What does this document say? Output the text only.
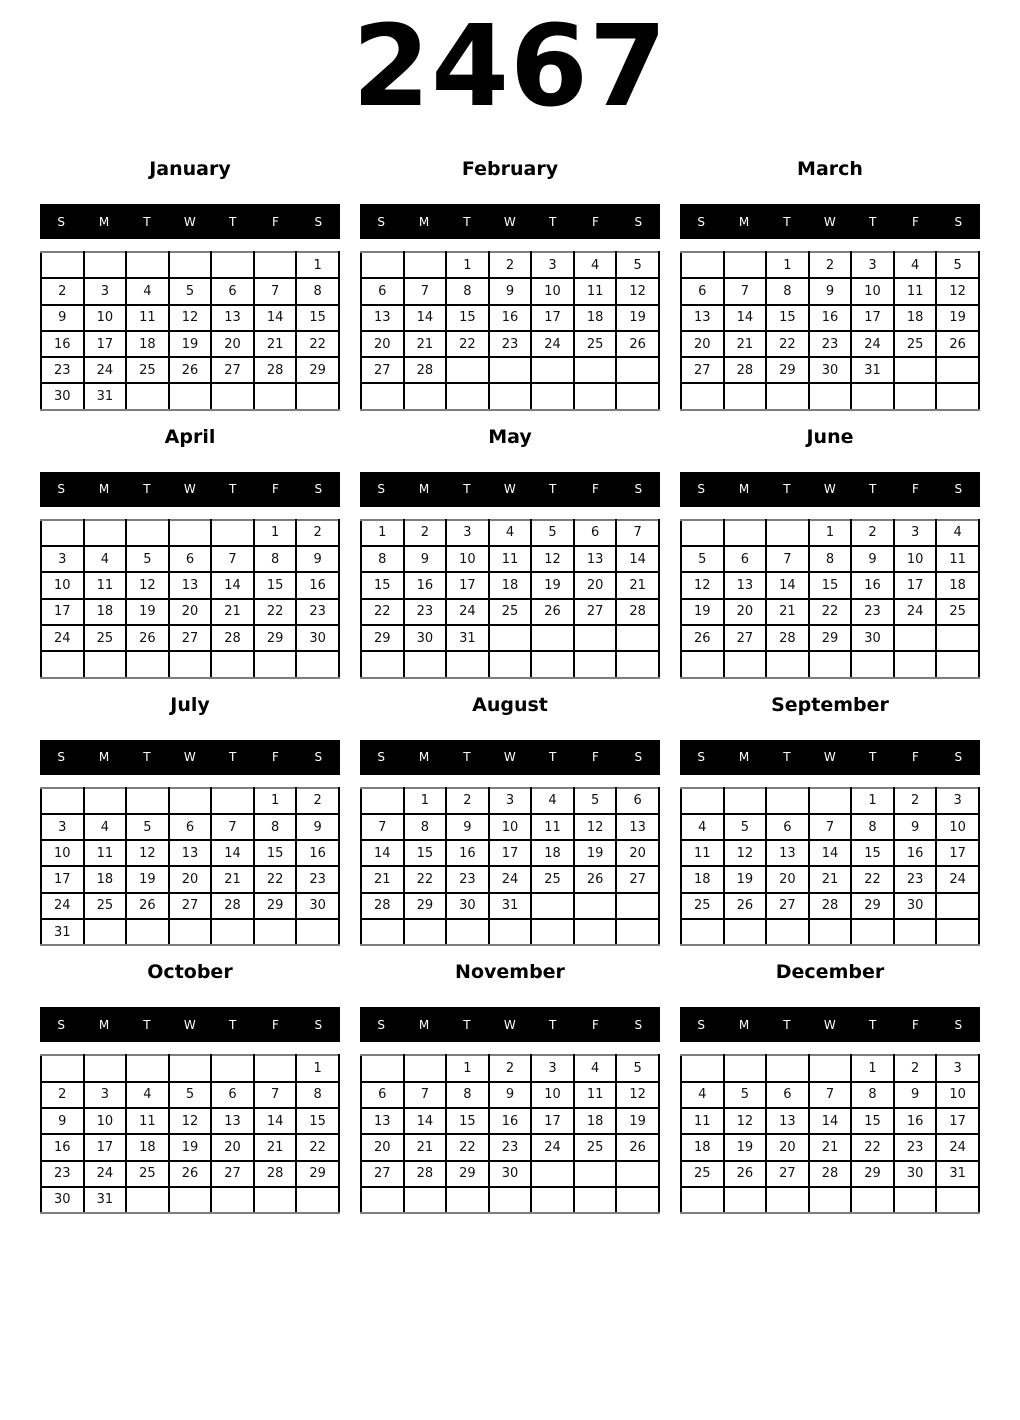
2467
January
S	M	T	W	T	F	S
						1
2	3	4	5	6	7	8
9	10	11	12	13	14	15
16	17	18	19	20	21	22
23	24	25	26	27	28	29
30	31					
February
S	M	T	W	T	F	S
		1	2	3	4	5
6	7	8	9	10	11	12
13	14	15	16	17	18	19
20	21	22	23	24	25	26
27	28					

March
S	M	T	W	T	F	S
		1	2	3	4	5
6	7	8	9	10	11	12
13	14	15	16	17	18	19
20	21	22	23	24	25	26
27	28	29	30	31		

April
S	M	T	W	T	F	S
					1	2
3	4	5	6	7	8	9
10	11	12	13	14	15	16
17	18	19	20	21	22	23
24	25	26	27	28	29	30

May
S	M	T	W	T	F	S
1	2	3	4	5	6	7
8	9	10	11	12	13	14
15	16	17	18	19	20	21
22	23	24	25	26	27	28
29	30	31				

June
S	M	T	W	T	F	S
			1	2	3	4
5	6	7	8	9	10	11
12	13	14	15	16	17	18
19	20	21	22	23	24	25
26	27	28	29	30		

July
S	M	T	W	T	F	S
					1	2
3	4	5	6	7	8	9
10	11	12	13	14	15	16
17	18	19	20	21	22	23
24	25	26	27	28	29	30
31						
August
S	M	T	W	T	F	S
	1	2	3	4	5	6
7	8	9	10	11	12	13
14	15	16	17	18	19	20
21	22	23	24	25	26	27
28	29	30	31			

September
S	M	T	W	T	F	S
				1	2	3
4	5	6	7	8	9	10
11	12	13	14	15	16	17
18	19	20	21	22	23	24
25	26	27	28	29	30	

October
S	M	T	W	T	F	S
						1
2	3	4	5	6	7	8
9	10	11	12	13	14	15
16	17	18	19	20	21	22
23	24	25	26	27	28	29
30	31					
November
S	M	T	W	T	F	S
		1	2	3	4	5
6	7	8	9	10	11	12
13	14	15	16	17	18	19
20	21	22	23	24	25	26
27	28	29	30			

December
S	M	T	W	T	F	S
				1	2	3
4	5	6	7	8	9	10
11	12	13	14	15	16	17
18	19	20	21	22	23	24
25	26	27	28	29	30	31
